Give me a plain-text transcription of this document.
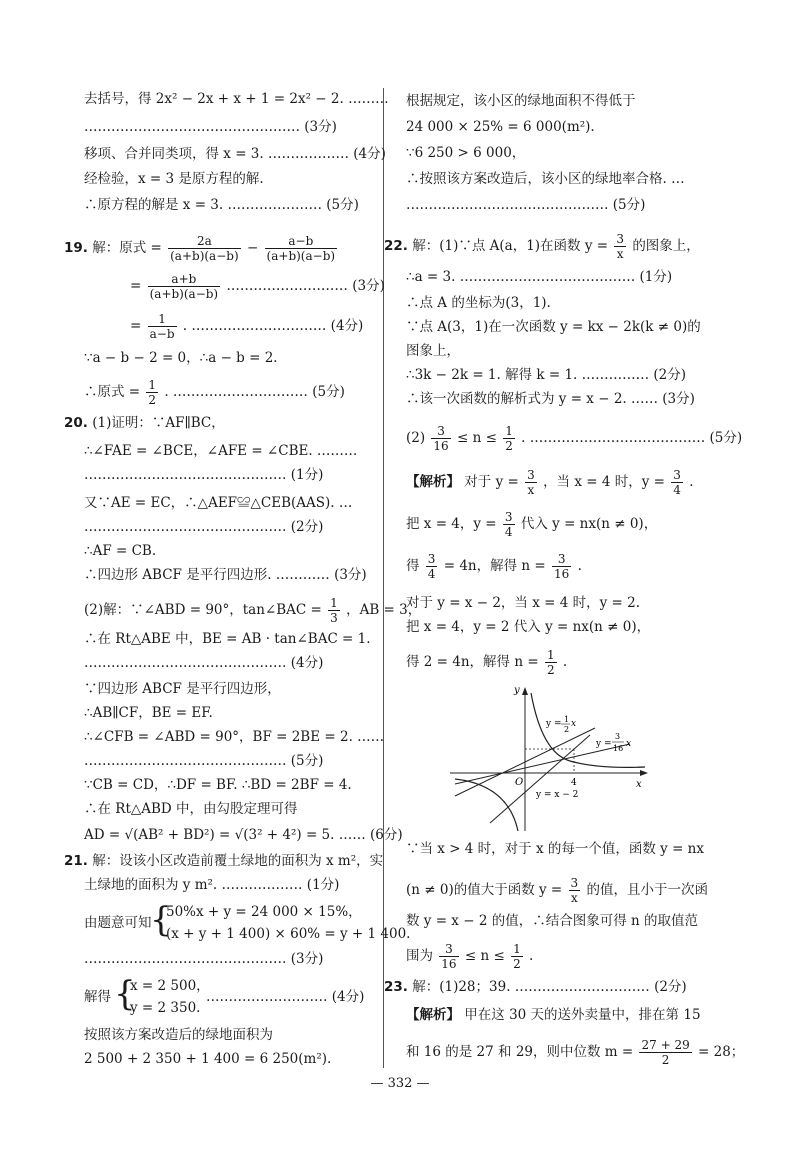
去括号，得 2x² − 2x + x + 1 = 2x² − 2. ………
………………………………………… (3分)
移项、合并同类项，得 x = 3. ……………… (4分)
经检验，x = 3 是原方程的解.
∴原方程的解是 x = 3. ………………… (5分)
19. 解：原式 = $\frac{2a}{(a+b)(a-b)} - \frac{a-b}{(a+b)(a-b)}$
= $\frac{a+b}{(a+b)(a-b)}$ ……………………… (3分)
= $\frac{1}{a-b}$ . ………………………… (4分)
∵a − b − 2 = 0，∴a − b = 2.
∴原式 = $\frac{1}{2}$ . ………………………… (5分)
20. (1)证明：∵AF∥BC，
∴∠FAE = ∠BCE，∠AFE = ∠CBE. ………
……………………………………… (1分)
又∵AE = EC，∴△AEF≌△CEB(AAS). …
……………………………………… (2分)
∴AF = CB.
∴四边形 ABCF 是平行四边形. ………… (3分)
(2)解：∵∠ABD = 90°，tan∠BAC = $\frac{1}{3}$ ，AB = 3，
∴在 Rt△ABE 中，BE = AB · tan∠BAC = 1.
……………………………………… (4分)
∵四边形 ABCF 是平行四边形，
∴AB∥CF，BE = EF.
∴∠CFB = ∠ABD = 90°，BF = 2BE = 2. ……
……………………………………… (5分)
∵CB = CD，∴DF = BF. ∴BD = 2BF = 4.
∴在 Rt△ABD 中，由勾股定理可得
AD = √(AB² + BD²) = √(3² + 4²) = 5. …… (6分)
21. 解：设该小区改造前覆土绿地的面积为 x m²，实
土绿地的面积为 y m². ……………… (1分)
由题意可知
{
50%x + y = 24 000 × 15%，
(x + y + 1 400) × 60% = y + 1 400.
……………………………………… (3分)
解得 {
x = 2 500，
y = 2 350.
……………………… (4分)
按照该方案改造后的绿地面积为
2 500 + 2 350 + 1 400 = 6 250(m²).
根据规定，该小区的绿地面积不得低于
24 000 × 25% = 6 000(m²).
∵6 250 > 6 000，
∴按照该方案改造后，该小区的绿地率合格. …
……………………………………… (5分)
22. 解：(1)∵点 A(a，1)在函数 $y = \frac{3}{x}$ 的图象上，
∴a = 3. ………………………………… (1分)
∴点 A 的坐标为(3，1).
∵点 A(3，1)在一次函数 y = kx − 2k(k ≠ 0)的
图象上，
∴3k − 2k = 1. 解得 k = 1. …………… (2分)
∴该一次函数的解析式为 y = x − 2. …… (3分)
$(2) \frac{3}{16} \le n \le \frac{1}{2}$ . ………………………………… (5分)
【解析】 对于 $y = \frac{3}{x}$ ，当 x = 4 时，$y = \frac{3}{4}$ .
把 x = 4，$y = \frac{3}{4}$ 代入 y = nx(n ≠ 0)，
得 $\frac{3}{4} = 4n$，解得 $n = \frac{3}{16}$ .
对于 y = x − 2，当 x = 4 时，y = 2.
把 x = 4，y = 2 代入 y = nx(n ≠ 0)，
得 2 = 4n，解得 $n = \frac{1}{2}$ .
y
x
O	4
y = 1
2
x
y =
3
16 x
y = x − 2
∵当 x > 4 时，对于 x 的每一个值，函数 y = nx
(n ≠ 0)的值大于函数 $y = \frac{3}{x}$ 的值，且小于一次函
数 y = x − 2 的值，∴结合图象可得 n 的取值范
围为 $\frac{3}{16} \le n \le \frac{1}{2}$ .
23. 解：(1)28；39. ………………………… (2分)
【解析】 甲在这 30 天的送外卖量中，排在第 15
和 16 的是 27 和 29，则中位数 $m = \frac{27 + 29}{2} = 28$；
— 332 —
